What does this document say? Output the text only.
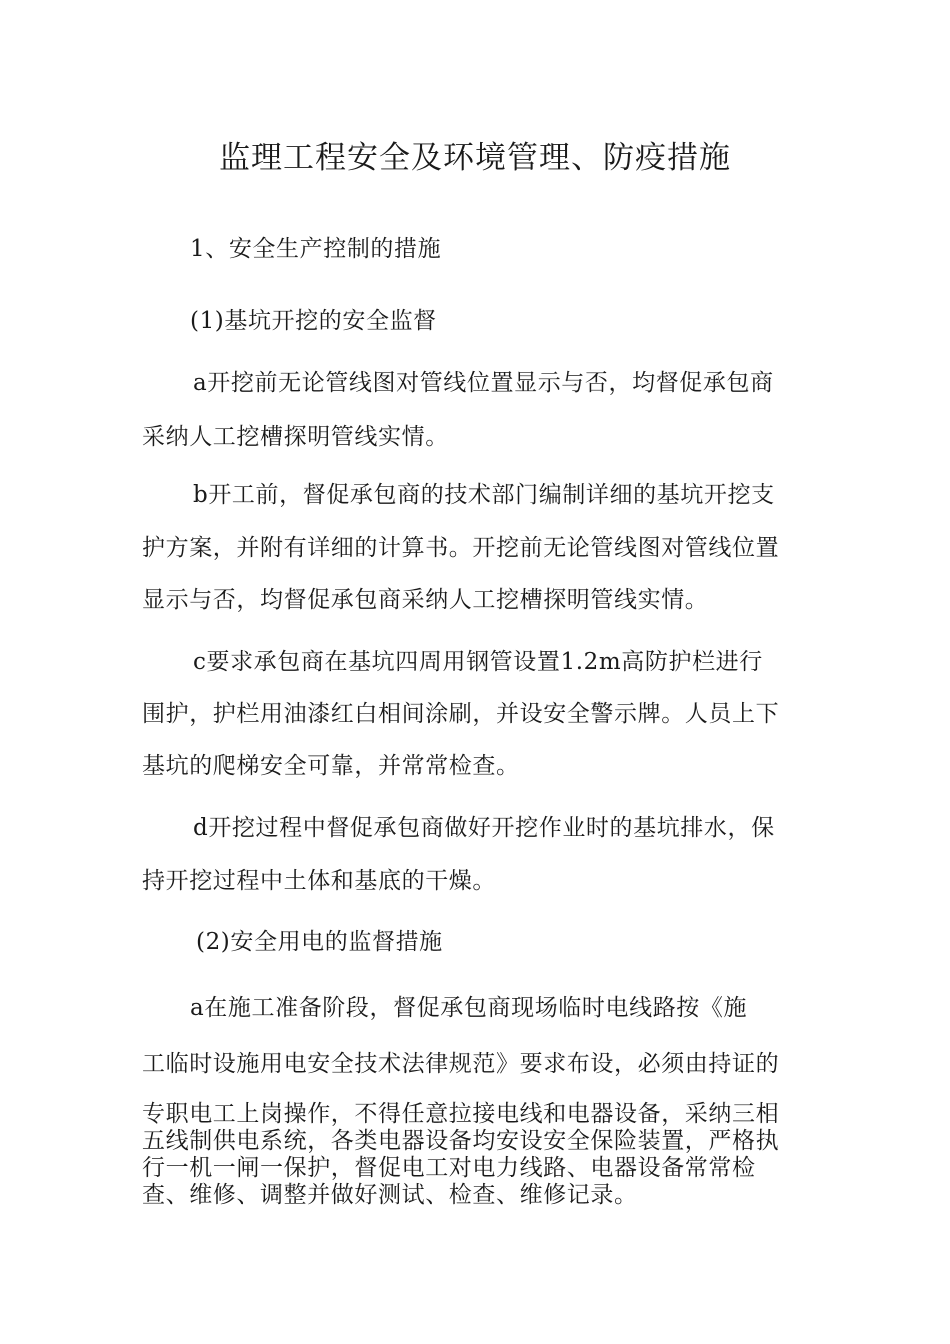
监理工程安全及环境管理、防疫措施
1、安全生产控制的措施
(1)基坑开挖的安全监督
a开挖前无论管线图对管线位置显示与否，均督促承包商
采纳人工挖槽探明管线实情。
b开工前，督促承包商的技术部门编制详细的基坑开挖支
护方案，并附有详细的计算书。开挖前无论管线图对管线位置
显示与否，均督促承包商采纳人工挖槽探明管线实情。
c要求承包商在基坑四周用钢管设置1.2m高防护栏进行
围护，护栏用油漆红白相间涂刷，并设安全警示牌。人员上下
基坑的爬梯安全可靠，并常常检查。
d开挖过程中督促承包商做好开挖作业时的基坑排水，保
持开挖过程中土体和基底的干燥。
(2)安全用电的监督措施
a在施工准备阶段，督促承包商现场临时电线路按《施
工临时设施用电安全技术法律规范》要求布设，必须由持证的
专职电工上岗操作，不得任意拉接电线和电器设备，采纳三相
五线制供电系统，各类电器设备均安设安全保险装置，严格执
行一机一闸一保护，督促电工对电力线路、电器设备常常检
查、维修、调整并做好测试、检查、维修记录。
